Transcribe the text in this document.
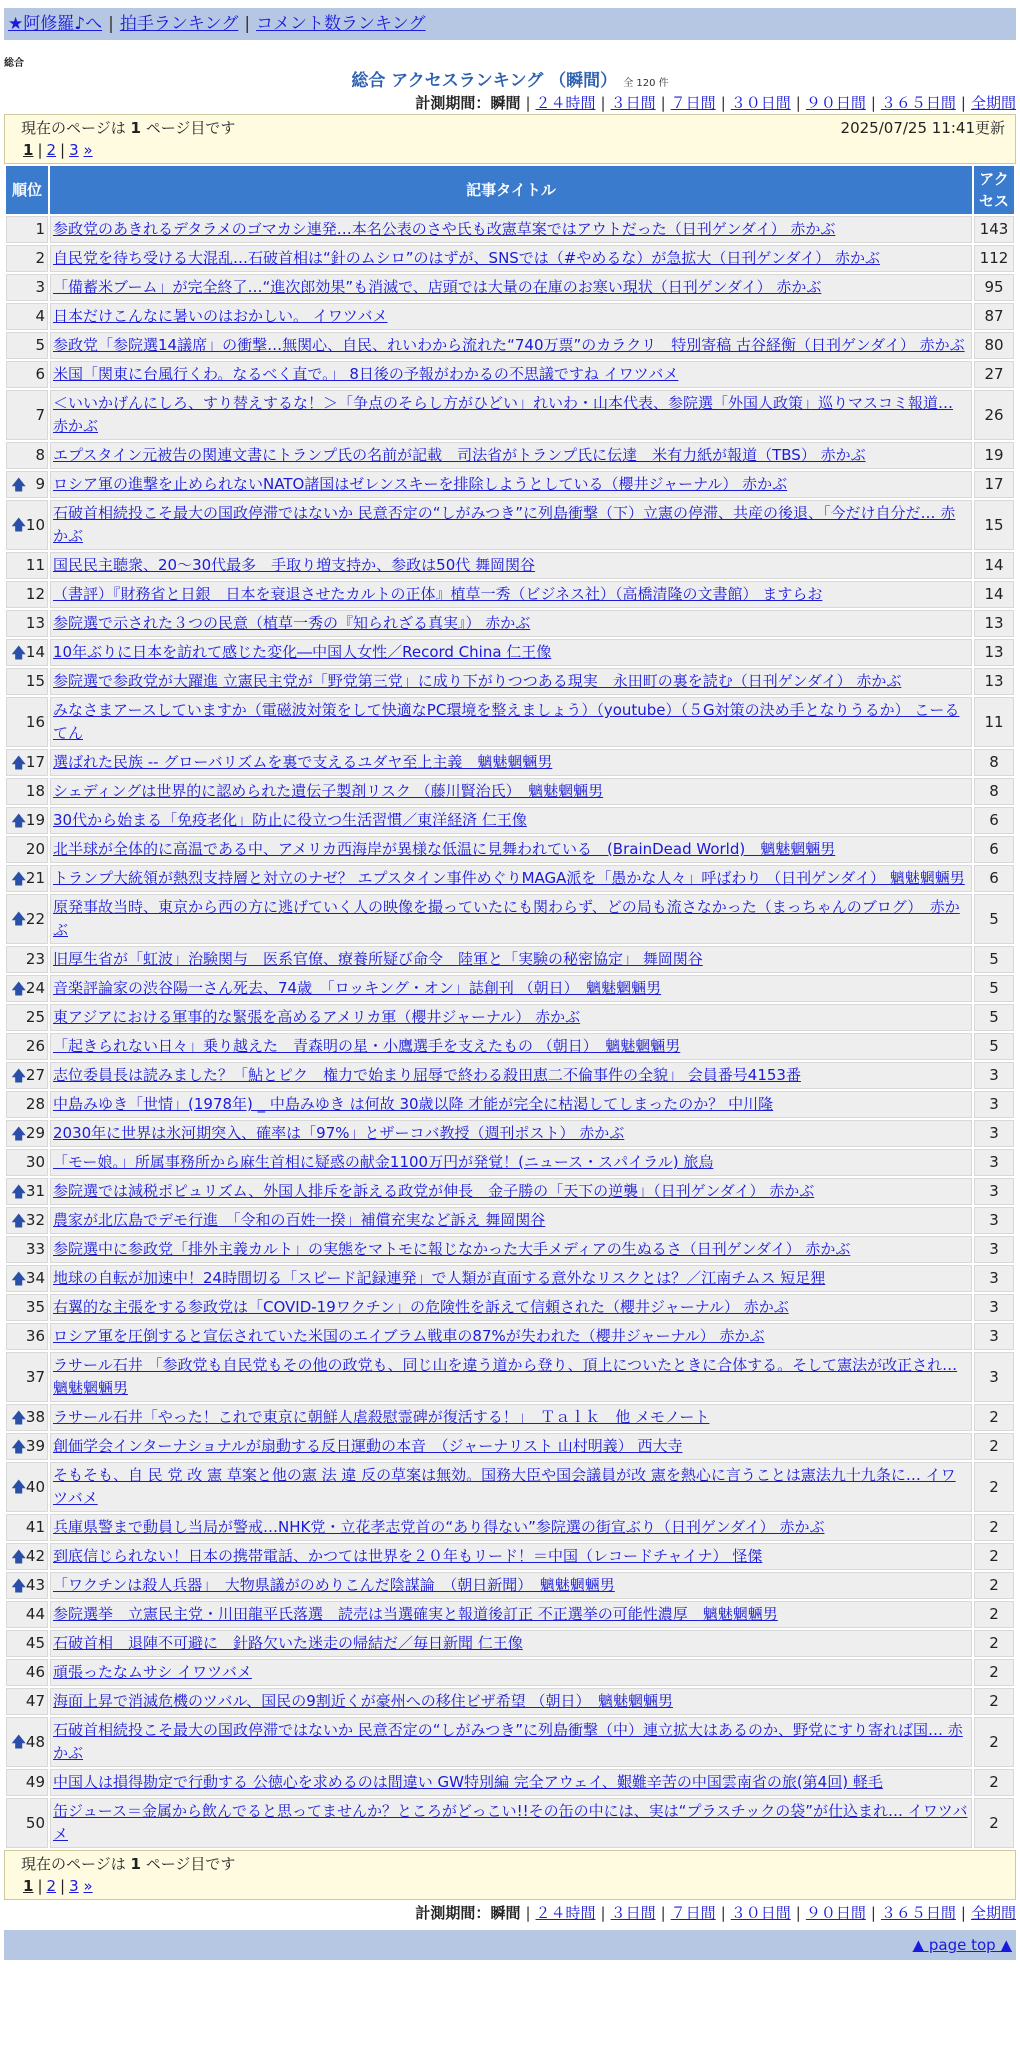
★阿修羅♪へ | 拍手ランキング | コメント数ランキング
総合
総合 アクセスランキング （瞬間） 全 120 件
計測期間：瞬間 | ２４時間 | ３日間 | ７日間 | ３０日間 | ９０日間 | ３６５日間 | 全期間
現在のページは 1 ページ目です	2025/07/25 11:41更新
1 | 2 | 3 »
順位	記事タイトル	アクセス
1	参政党のあきれるデタラメのゴマカシ連発…本名公表のさや氏も改憲草案ではアウトだった（日刊ゲンダイ） 赤かぶ	143
2	自民党を待ち受ける大混乱…石破首相は“針のムシロ”のはずが、SNSでは（#やめるな）が急拡大（日刊ゲンダイ） 赤かぶ	112
3	「備蓄米ブーム」が完全終了…“進次郎効果”も消滅で、店頭では大量の在庫のお寒い現状（日刊ゲンダイ） 赤かぶ	95
4	日本だけこんなに暑いのはおかしい。 イワツバメ	87
5	参政党「参院選14議席」の衝撃…無関心、自民、れいわから流れた“740万票”のカラクリ　特別寄稿 古谷経衡（日刊ゲンダイ） 赤かぶ	80
6	米国「関東に台風行くわ。なるべく直で。」 8日後の予報がわかるの不思議ですね イワツバメ	27
7	＜いいかげんにしろ、すり替えするな！＞「争点のそらし方がひどい」れいわ・山本代表、参院選「外国人政策」巡りマスコミ報道… 赤かぶ	26
8	エプスタイン元被告の関連文書にトランプ氏の名前が記載　司法省がトランプ氏に伝達　米有力紙が報道（TBS） 赤かぶ	19

🡅 9	ロシア軍の進撃を止められないNATO諸国はゼレンスキーを排除しようとしている（櫻井ジャーナル） 赤かぶ	17

🡅 10	石破首相続投こそ最大の国政停滞ではないか 民意否定の“しがみつき”に列島衝撃（下）立憲の停滞、共産の後退、「今だけ自分だ… 赤かぶ	15
11	国民民主聴衆、20〜30代最多　手取り増支持か、参政は50代 舞岡関谷	14
12	（書評）『財務省と日銀　日本を衰退させたカルトの正体』植草一秀（ビジネス社）（高橋清隆の文書館） ますらお	14
13	参院選で示された３つの民意（植草一秀の『知られざる真実』） 赤かぶ	13

🡅 14	10年ぶりに日本を訪れて感じた変化―中国人女性／Record China 仁王像	13
15	参院選で参政党が大躍進 立憲民主党が「野党第三党」に成り下がりつつある現実　永田町の裏を読む（日刊ゲンダイ） 赤かぶ	13
16	みなさまアースしていますか（電磁波対策をして快適なPC環境を整えましょう）（youtube）（５G対策の決め手となりうるか） こーるてん	11

🡅 17	選ばれた民族 -- グローバリズムを裏で支えるユダヤ至上主義　魑魅魍魎男	8
18	シェディングは世界的に認められた遺伝子製剤リスク （藤川賢治氏）　魑魅魍魎男	8

🡅 19	30代から始まる「免疫老化」防止に役立つ生活習慣／東洋経済 仁王像	6
20	北半球が全体的に高温である中、アメリカ西海岸が異様な低温に見舞われている　(BrainDead World)　魑魅魍魎男	6

🡅 21	トランプ大統領が熱烈支持層と対立のナゼ？ エプスタイン事件めぐりMAGA派を「愚かな人々」呼ばわり （日刊ゲンダイ） 魑魅魍魎男	6

🡅 22	原発事故当時、東京から西の方に逃げていく人の映像を撮っていたにも関わらず、どの局も流さなかった（まっちゃんのブログ）　赤かぶ	5
23	旧厚生省が「虹波」治験関与　医系官僚、療養所疑び命令　陸軍と「実験の秘密協定」 舞岡関谷	5

🡅 24	音楽評論家の渋谷陽一さん死去、74歳　「ロッキング・オン」誌創刊 （朝日）　魑魅魍魎男	5
25	東アジアにおける軍事的な緊張を高めるアメリカ軍（櫻井ジャーナル） 赤かぶ	5
26	「起きられない日々」乗り越えた　青森明の星・小鷹選手を支えたもの （朝日）　魑魅魍魎男	5

🡅 27	志位委員長は読みました？「鮎とピク　権力で始まり屈辱で終わる殺田恵二不倫事件の全貌」 会員番号4153番	3
28	中島みゆき「世情」(1978年) _ 中島みゆき は何故 30歳以降 才能が完全に枯渇してしまったのか？ 中川隆	3

🡅 29	2030年に世界は氷河期突入、確率は「97%」とザーコバ教授（週刊ポスト） 赤かぶ	3
30	「モー娘。」所属事務所から麻生首相に疑惑の献金1100万円が発覚！(ニュース・スパイラル) 旅烏	3

🡅 31	参院選では減税ポピュリズム、外国人排斥を訴える政党が伸長　金子勝の「天下の逆襲」（日刊ゲンダイ） 赤かぶ	3

🡅 32	農家が北広島でデモ行進　「令和の百姓一揆」補償充実など訴え 舞岡関谷	3
33	参院選中に参政党「排外主義カルト」の実態をマトモに報じなかった大手メディアの生ぬるさ（日刊ゲンダイ） 赤かぶ	3

🡅 34	地球の自転が加速中！24時間切る「スピード記録連発」で人類が直面する意外なリスクとは？／江南チムス 短足狸	3
35	右翼的な主張をする参政党は「COVID-19ワクチン」の危険性を訴えて信頼された（櫻井ジャーナル） 赤かぶ	3
36	ロシア軍を圧倒すると宣伝されていた米国のエイブラム戦車の87%が失われた（櫻井ジャーナル） 赤かぶ	3
37	ラサール石井 「参政党も自民党もその他の政党も、同じ山を違う道から登り、頂上についたときに合体する。そして憲法が改正され… 魑魅魍魎男	3

🡅 38	ラサール石井「やった！これで東京に朝鮮人虐殺慰霊碑が復活する！」　Ｔａｌｋ　他 メモノート	2

🡅 39	創価学会インターナショナルが扇動する反日運動の本音　（ジャーナリスト 山村明義） 西大寺	2

🡅 40	そもそも、自 民 党 改 憲 草案と他の憲 法 違 反の草案は無効。国務大臣や国会議員が改 憲を熱心に言うことは憲法九十九条に… イワツバメ	2
41	兵庫県警まで動員し当局が警戒…NHK党・立花孝志党首の“あり得ない”参院選の街宣ぶり（日刊ゲンダイ） 赤かぶ	2

🡅 42	到底信じられない！日本の携帯電話、かつては世界を２０年もリード！＝中国（レコードチャイナ） 怪傑	2

🡅 43	「ワクチンは殺人兵器」　大物県議がのめりこんだ陰謀論　（朝日新聞）　魑魅魍魎男	2
44	参院選挙　立憲民主党・川田龍平氏落選　読売は当選確実と報道後訂正 不正選挙の可能性濃厚　魑魅魍魎男	2
45	石破首相　退陣不可避に　針路欠いた迷走の帰結だ／毎日新聞 仁王像	2
46	頑張ったなムサシ イワツバメ	2
47	海面上昇で消滅危機のツバル、国民の9割近くが豪州への移住ビザ希望 （朝日）　魑魅魍魎男	2

🡅 48	石破首相続投こそ最大の国政停滞ではないか 民意否定の“しがみつき”に列島衝撃（中）連立拡大はあるのか、野党にすり寄れば国… 赤かぶ	2
49	中国人は損得勘定で行動する 公徳心を求めるのは間違い GW特別編 完全アウェイ、艱難辛苦の中国雲南省の旅(第4回) 軽毛	2
50	缶ジュース＝金属から飲んでると思ってませんか？ところがどっこい!!その缶の中には、実は“プラスチックの袋”が仕込まれ… イワツバメ	2
現在のページは 1 ページ目です
1 | 2 | 3 »
計測期間：瞬間 | ２４時間 | ３日間 | ７日間 | ３０日間 | ９０日間 | ３６５日間 | 全期間
▲ page top ▲
